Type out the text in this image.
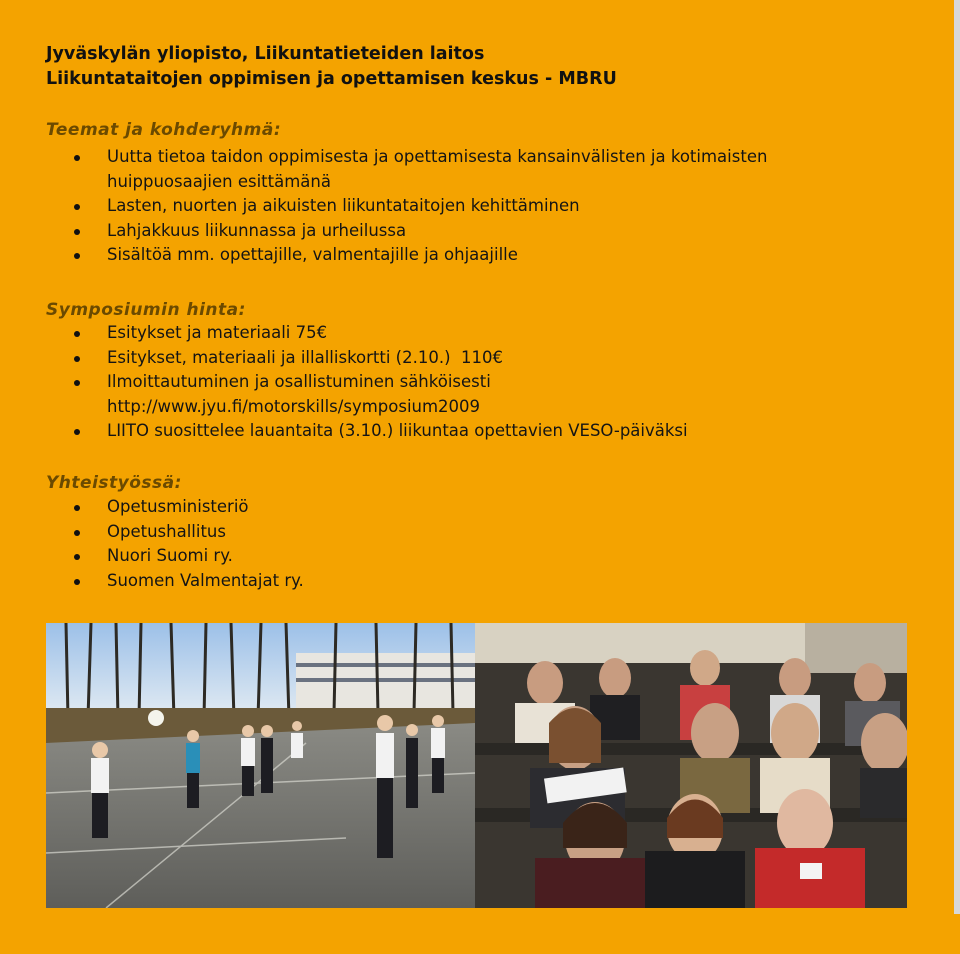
Jyväskylän yliopisto, Liikuntatieteiden laitos
Liikuntataitojen oppimisen ja opettamisen keskus - MBRU
Teemat ja kohderyhmä:
Uutta tietoa taidon oppimisesta ja opettamisesta kansainvälisten ja kotimaisten
huippuosaajien esittämänä
Lasten, nuorten ja aikuisten liikuntataitojen kehittäminen
Lahjakkuus liikunnassa ja urheilussa
Sisältöä mm. opettajille, valmentajille ja ohjaajille
Symposiumin hinta:
Esitykset ja materiaali 75€
Esitykset, materiaali ja illalliskortti (2.10.)  110€
Ilmoittautuminen ja osallistuminen sähköisesti
http://www.jyu.fi/motorskills/symposium2009
LIITO suosittelee lauantaita (3.10.) liikuntaa opettavien VESO-päiväksi
Yhteistyössä:
Opetusministeriö
Opetushallitus
Nuori Suomi ry.
Suomen Valmentajat ry.
